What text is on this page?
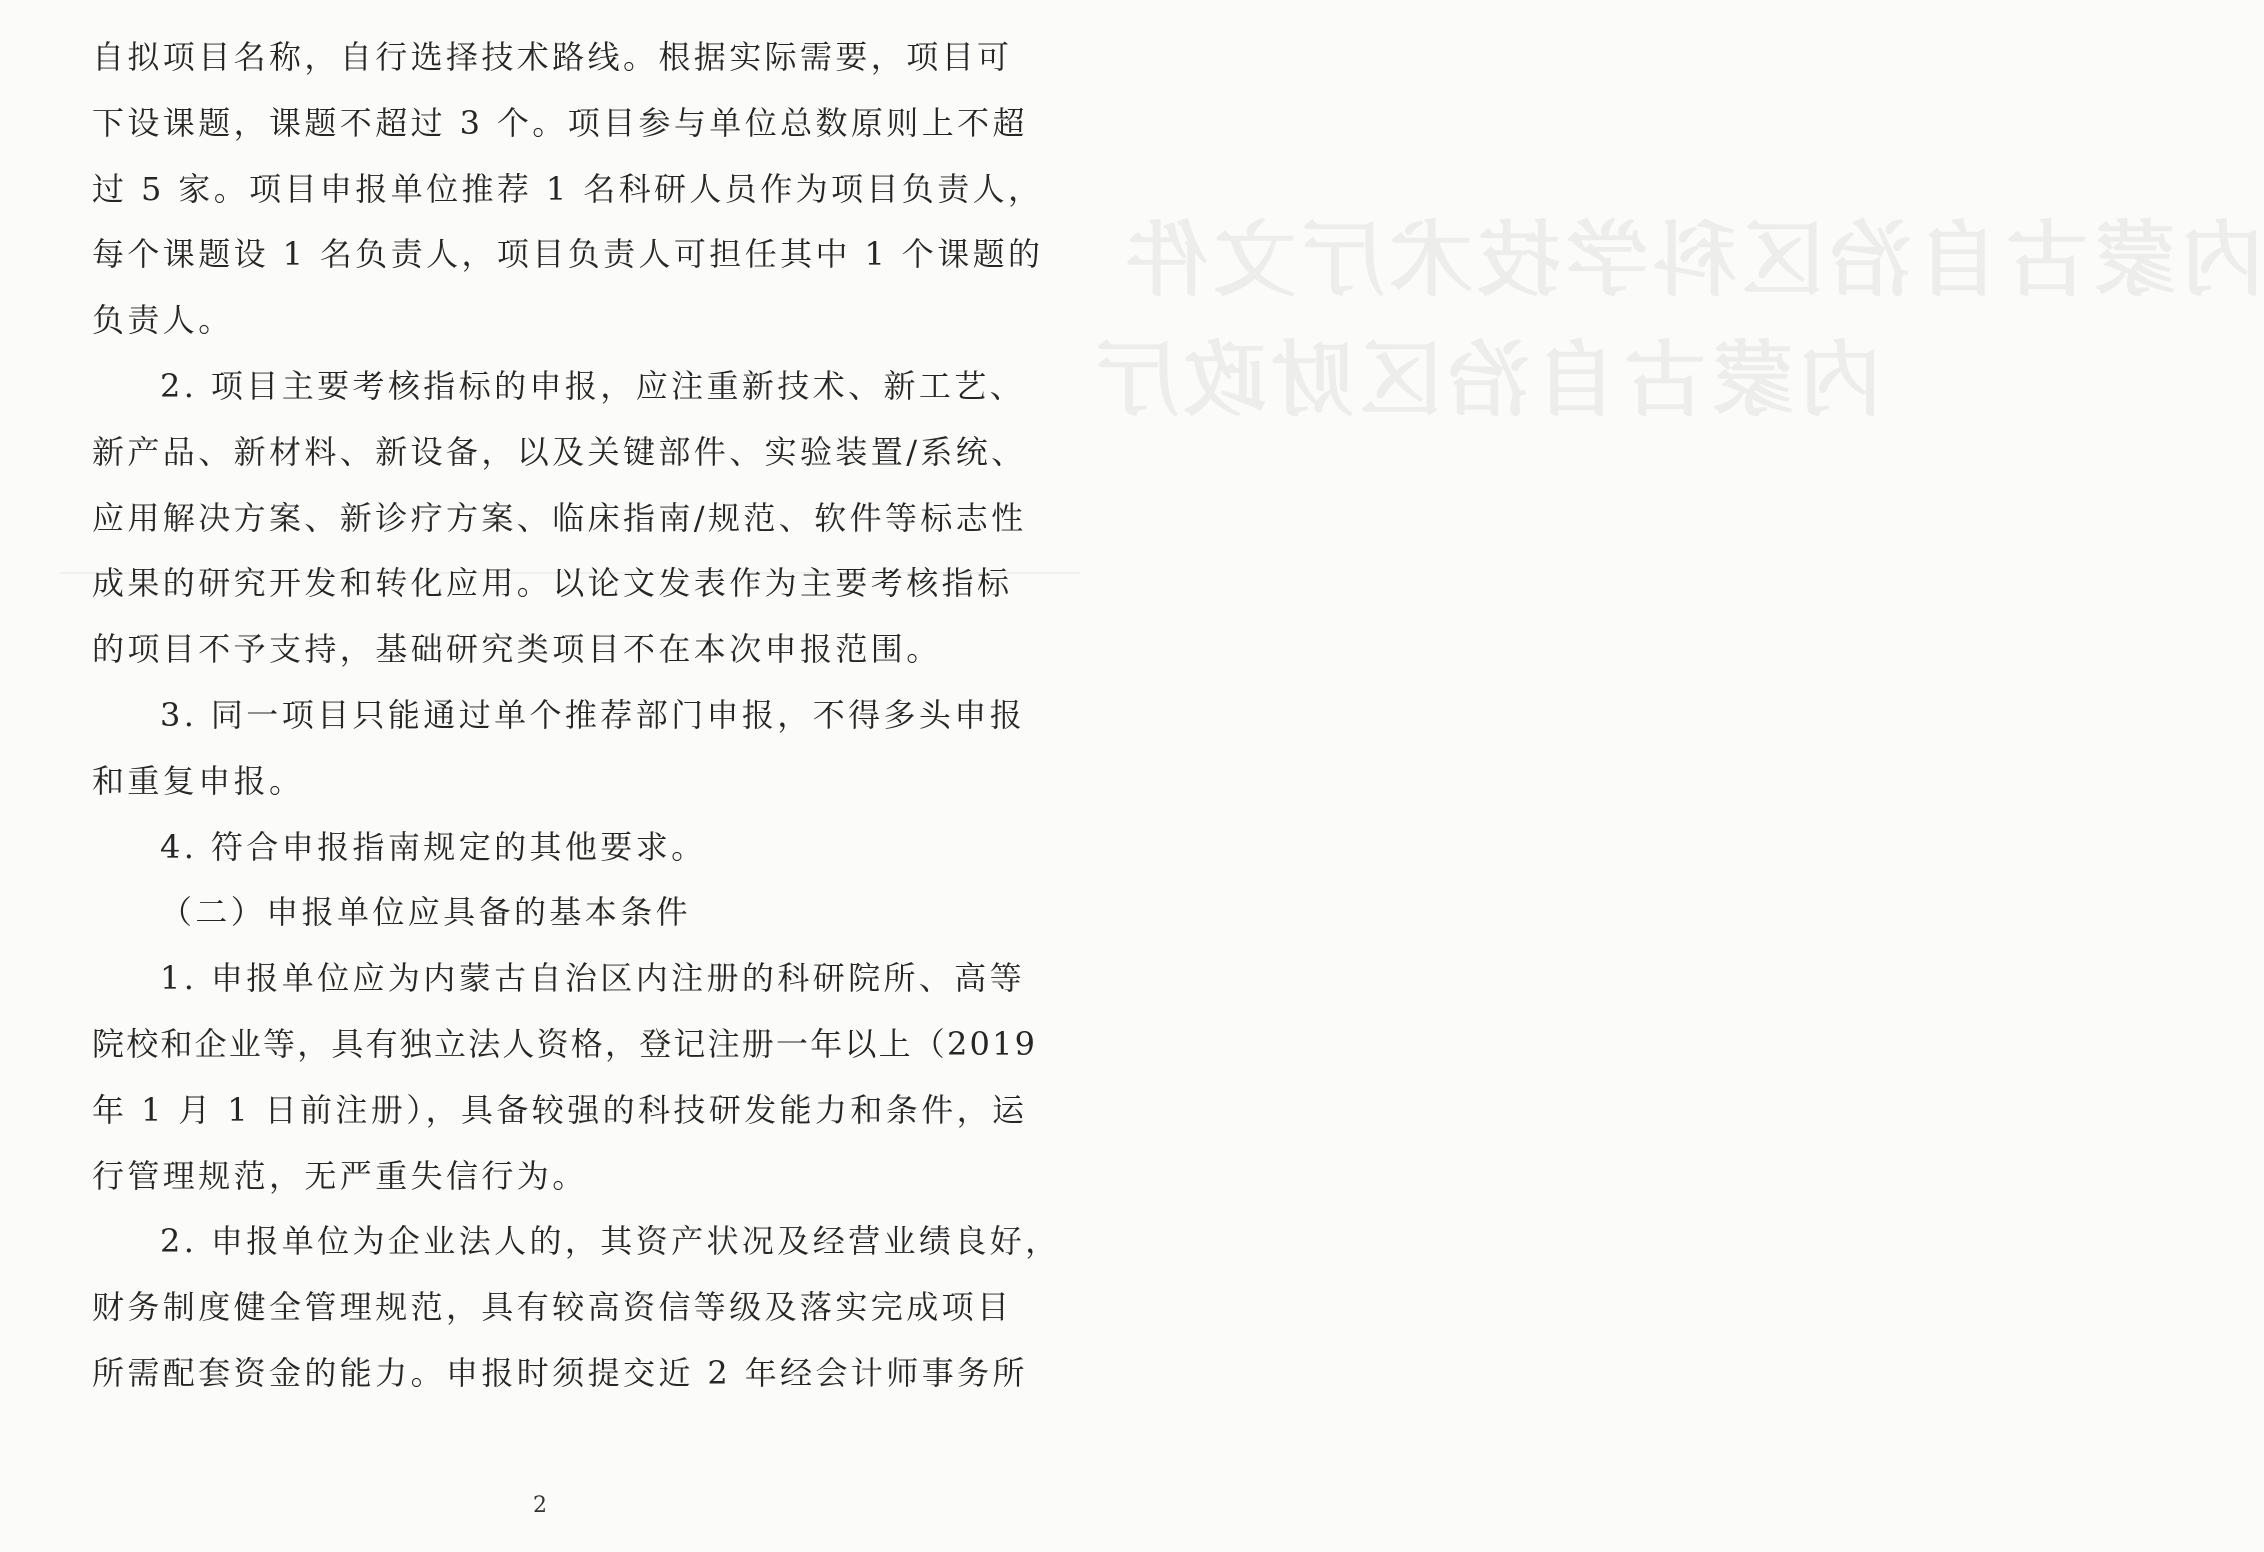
内蒙古自治区科学技术厅文件
内蒙古自治区财政厅
自拟项目名称，自行选择技术路线。根据实际需要，项目可
下设课题，课题不超过 3 个。项目参与单位总数原则上不超
过 5 家。项目申报单位推荐 1 名科研人员作为项目负责人，
每个课题设 1 名负责人，项目负责人可担任其中 1 个课题的
负责人。
2. 项目主要考核指标的申报，应注重新技术、新工艺、
新产品、新材料、新设备，以及关键部件、实验装置/系统、
应用解决方案、新诊疗方案、临床指南/规范、软件等标志性
成果的研究开发和转化应用。以论文发表作为主要考核指标
的项目不予支持，基础研究类项目不在本次申报范围。
3. 同一项目只能通过单个推荐部门申报，不得多头申报
和重复申报。
4. 符合申报指南规定的其他要求。
（二）申报单位应具备的基本条件
1. 申报单位应为内蒙古自治区内注册的科研院所、高等
院校和企业等，具有独立法人资格，登记注册一年以上（2019
年 1 月 1 日前注册），具备较强的科技研发能力和条件，运
行管理规范，无严重失信行为。
2. 申报单位为企业法人的，其资产状况及经营业绩良好，
财务制度健全管理规范，具有较高资信等级及落实完成项目
所需配套资金的能力。申报时须提交近 2 年经会计师事务所
2
